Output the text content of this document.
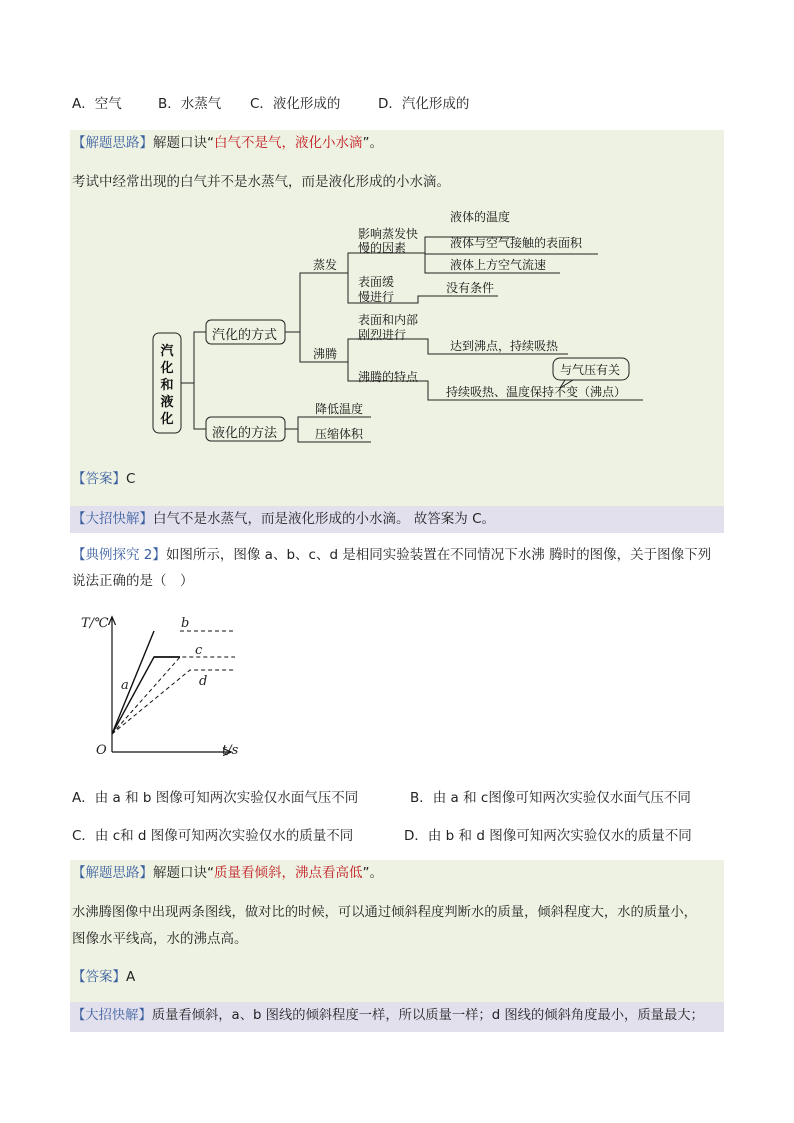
A．空气	B．水蒸气 C．液化形成的	D．汽化形成的
【解题思路】解题口诀“白气不是气，液化小水滴”。
考试中经常出现的白气并不是水蒸气，而是液化形成的小水滴。
汽
化
和
液
化
汽化的方式
液化的方法
蒸发
沸腾
影响蒸发快
慢的因素
液体的温度
液体与空气接触的表面积
液体上方空气流速
表面缓
慢进行
没有条件
表面和内部
剧烈进行
达到沸点，持续吸热
与气压有关
沸腾的特点
持续吸热、温度保持不变（沸点）
降低温度
压缩体积
【答案】C
【大招快解】白气不是水蒸气，而是液化形成的小水滴。 故答案为 C。
【典例探究 2】如图所示，图像 a、b、c、d 是相同实验装置在不同情况下水沸 腾时的图像，关于图像下列
说法正确的是（　）
T/℃
t/s
O
a
b
c
d
A．由 a 和 b 图像可知两次实验仅水面气压不同	B．由 a 和 c图像可知两次实验仅水面气压不同
C．由 c和 d 图像可知两次实验仅水的质量不同	D．由 b 和 d 图像可知两次实验仅水的质量不同
【解题思路】解题口诀“质量看倾斜，沸点看高低”。
水沸腾图像中出现两条图线，做对比的时候，可以通过倾斜程度判断水的质量，倾斜程度大，水的质量小，
图像水平线高，水的沸点高。
【答案】A
【大招快解】质量看倾斜，a、b 图线的倾斜程度一样，所以质量一样；d 图线的倾斜角度最小，质量最大；
